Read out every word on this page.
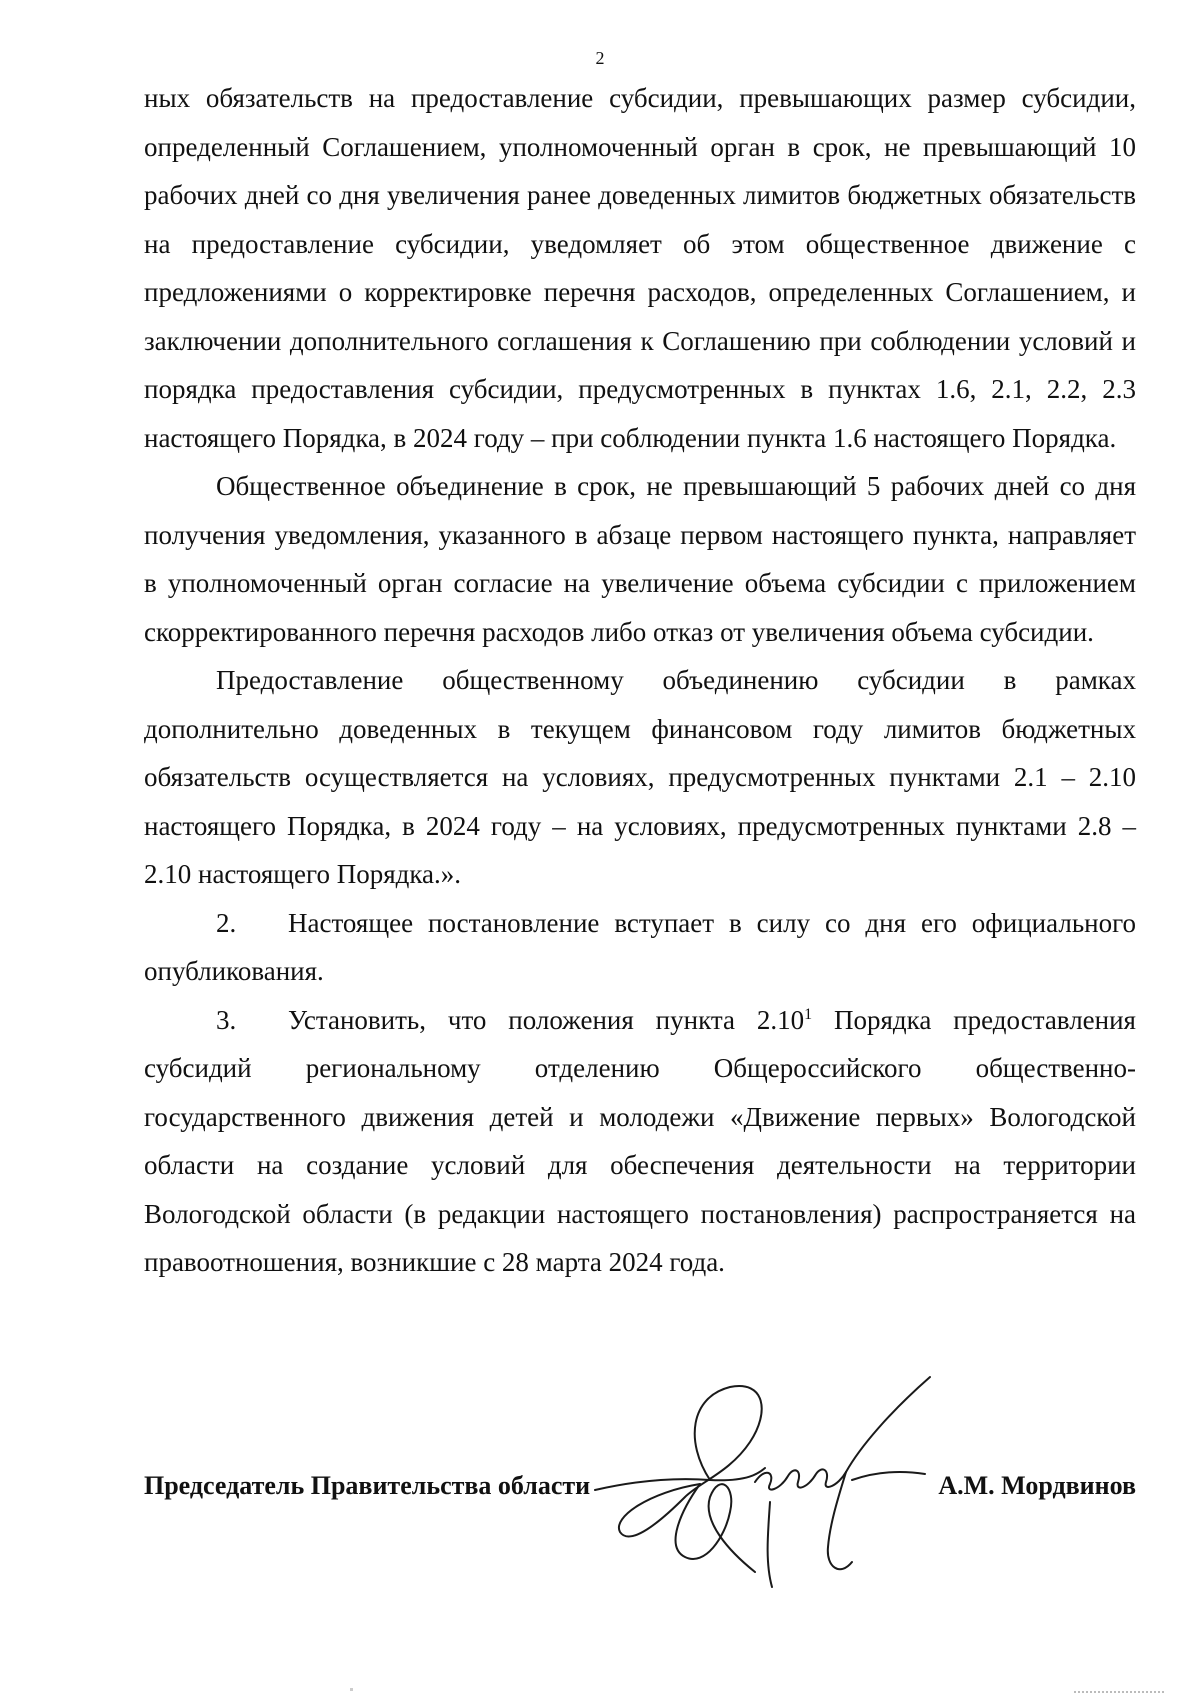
2

ных обязательств на предоставление субсидии, превышающих размер субсидии, определенный Соглашением, уполномоченный орган в срок, не превышающий 10 рабочих дней со дня увеличения ранее доведенных лимитов бюджетных обязательств на предоставление субсидии, уведомляет об этом общественное движение с предложениями о корректировке перечня расходов, определенных Соглашением, и заключении дополнительного соглашения к Соглашению при соблюдении условий и порядка предоставления субсидии, предусмотренных в пунктах 1.6, 2.1, 2.2, 2.3 настоящего Порядка, в 2024 году – при соблюдении пункта 1.6 настоящего Порядка.

Общественное объединение в срок, не превышающий 5 рабочих дней со дня получения уведомления, указанного в абзаце первом настоящего пункта, направляет в уполномоченный орган согласие на увеличение объема субсидии с приложением скорректированного перечня расходов либо отказ от увеличения объема субсидии.

Предоставление общественному объединению субсидии в рамках дополнительно доведенных в текущем финансовом году лимитов бюджетных обязательств осуществляется на условиях, предусмотренных пунктами 2.1 – 2.10 настоящего Порядка, в 2024 году – на условиях, предусмотренных пунктами 2.8 – 2.10 настоящего Порядка.».

2. Настоящее постановление вступает в силу со дня его официального опубликования.

3. Установить, что положения пункта 2.10$^1$ Порядка предоставления субсидий региональному отделению Общероссийского общественно-государственного движения детей и молодежи «Движение первых» Вологодской области на создание условий для обеспечения деятельности на территории Вологодской области (в редакции настоящего постановления) распространяется на правоотношения, возникшие с 28 марта 2024 года.

Председатель Правительства области	А.М. Мордвинов
